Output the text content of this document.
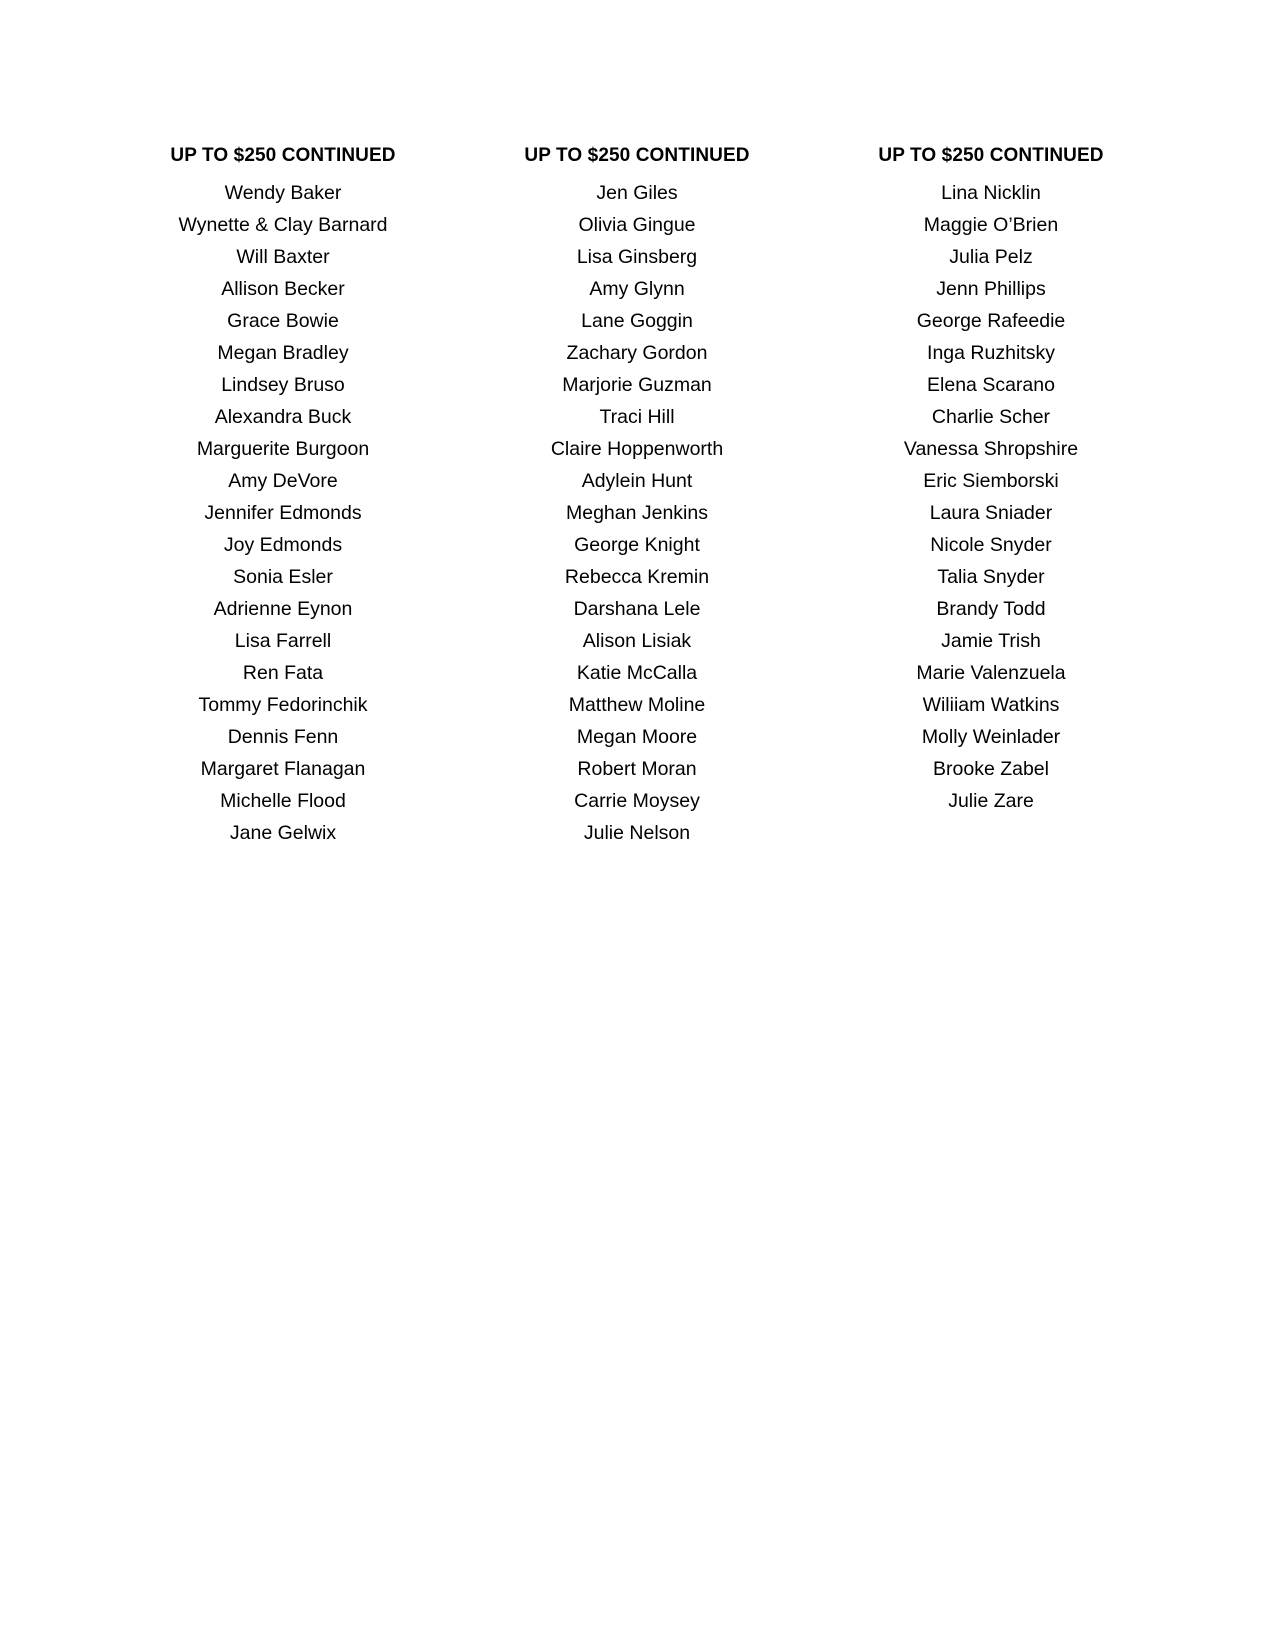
UP TO $250 CONTINUED
Wendy Baker
Wynette & Clay Barnard
Will Baxter
Allison Becker
Grace Bowie
Megan Bradley
Lindsey Bruso
Alexandra Buck
Marguerite Burgoon
Amy DeVore
Jennifer Edmonds
Joy Edmonds
Sonia Esler
Adrienne Eynon
Lisa Farrell
Ren Fata
Tommy Fedorinchik
Dennis Fenn
Margaret Flanagan
Michelle Flood
Jane Gelwix
UP TO $250 CONTINUED
Jen Giles
Olivia Gingue
Lisa Ginsberg
Amy Glynn
Lane Goggin
Zachary Gordon
Marjorie Guzman
Traci Hill
Claire Hoppenworth
Adylein Hunt
Meghan Jenkins
George Knight
Rebecca Kremin
Darshana Lele
Alison Lisiak
Katie McCalla
Matthew Moline
Megan Moore
Robert Moran
Carrie Moysey
Julie Nelson
UP TO $250 CONTINUED
Lina Nicklin
Maggie O’Brien
Julia Pelz
Jenn Phillips
George Rafeedie
Inga Ruzhitsky
Elena Scarano
Charlie Scher
Vanessa Shropshire
Eric Siemborski
Laura Sniader
Nicole Snyder
Talia Snyder
Brandy Todd
Jamie Trish
Marie Valenzuela
Wiliiam Watkins
Molly Weinlader
Brooke Zabel
Julie Zare
